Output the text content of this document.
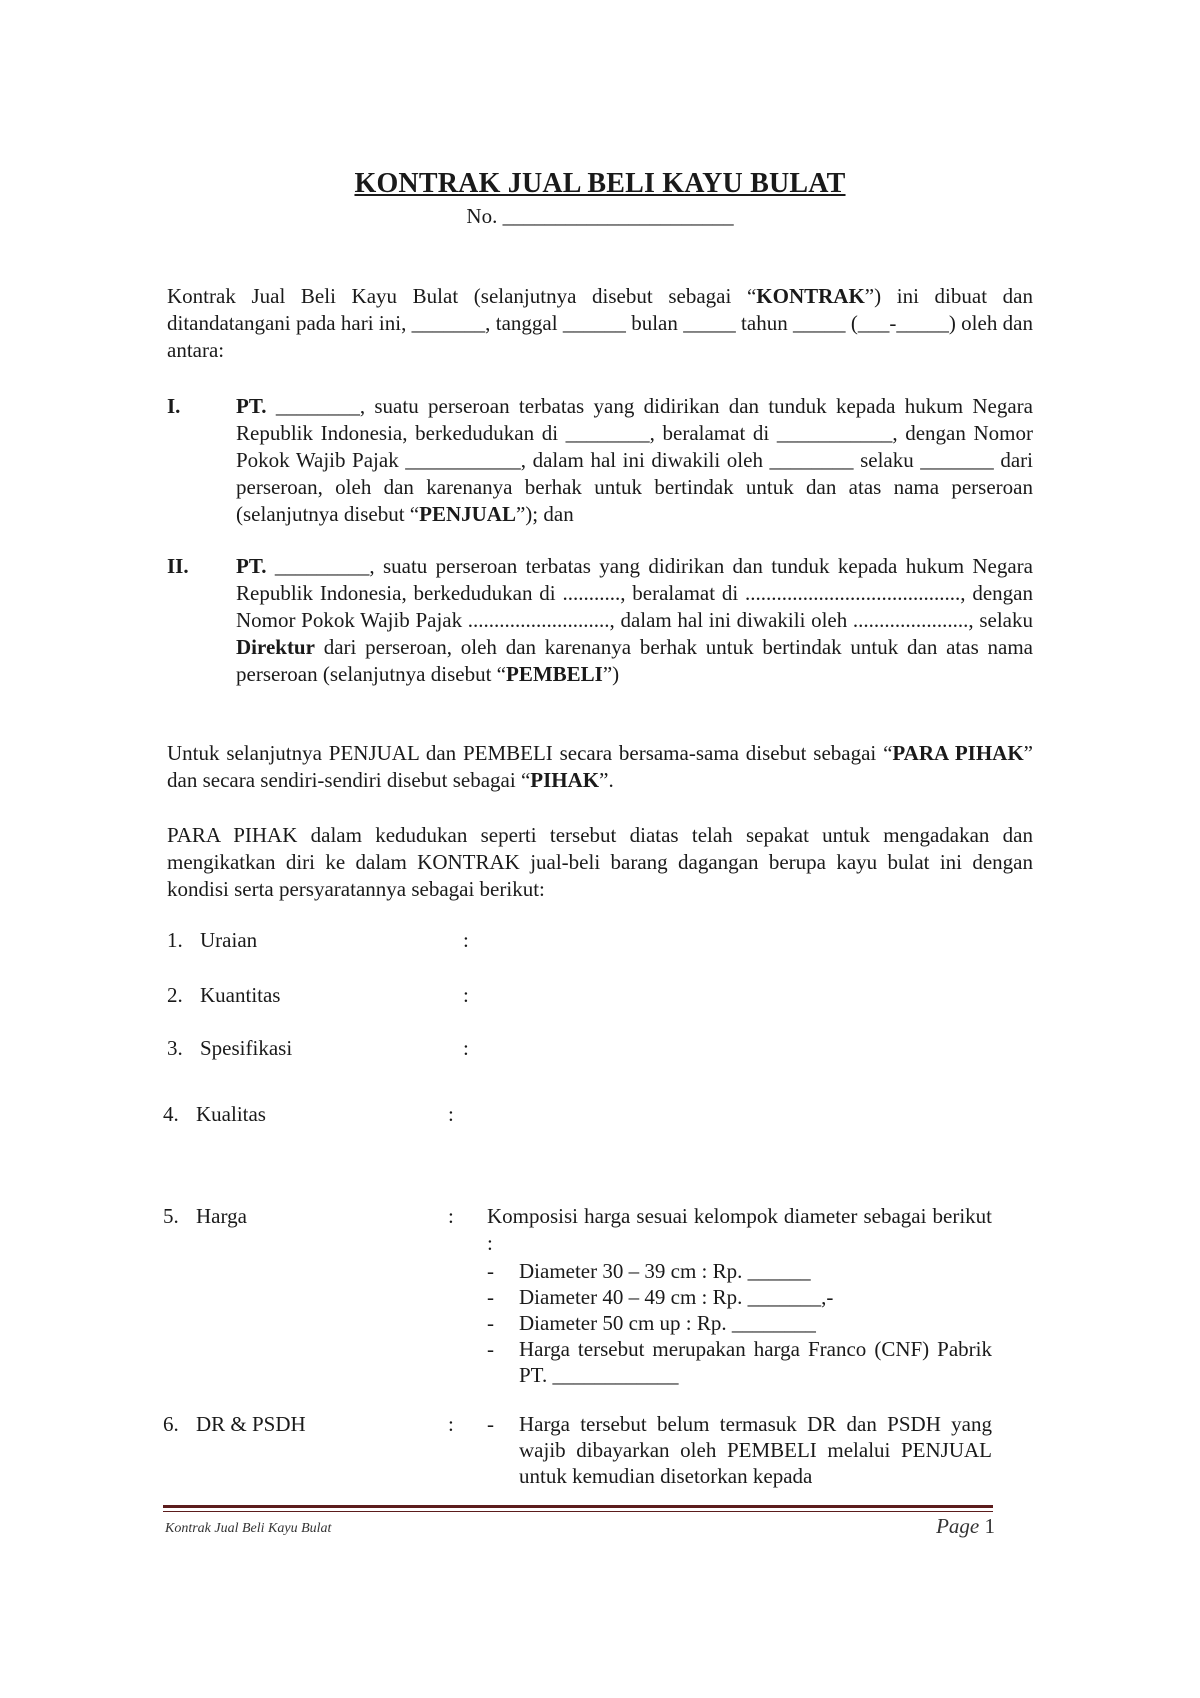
KONTRAK JUAL BELI KAYU BULAT
No. ______________________
Kontrak Jual Beli Kayu Bulat (selanjutnya disebut sebagai “KONTRAK”) ini dibuat dan ditandatangani pada hari ini, _______, tanggal ______ bulan _____ tahun _____ (___-_____) oleh dan antara:
I.	PT. ________, suatu perseroan terbatas yang didirikan dan tunduk kepada hukum Negara Republik Indonesia, berkedudukan di ________, beralamat di ___________, dengan Nomor Pokok Wajib Pajak ___________, dalam hal ini diwakili oleh ________ selaku _______ dari perseroan, oleh dan karenanya berhak untuk bertindak untuk dan atas nama perseroan (selanjutnya disebut “PENJUAL”); dan
II. PT. _________, suatu perseroan terbatas yang didirikan dan tunduk kepada hukum Negara Republik Indonesia, berkedudukan di ..........., beralamat di ........................................., dengan Nomor Pokok Wajib Pajak ..........................., dalam hal ini diwakili oleh ......................, selaku Direktur dari perseroan, oleh dan karenanya berhak untuk bertindak untuk dan atas nama perseroan (selanjutnya disebut “PEMBELI”)
Untuk selanjutnya PENJUAL dan PEMBELI secara bersama-sama disebut sebagai “PARA PIHAK” dan secara sendiri-sendiri disebut sebagai “PIHAK”.
PARA PIHAK dalam kedudukan seperti tersebut diatas telah sepakat untuk mengadakan dan mengikatkan diri ke dalam KONTRAK jual-beli barang dagangan berupa kayu bulat ini dengan kondisi serta persyaratannya sebagai berikut:
1. Uraian	:
2. Kuantitas	:
3. Spesifikasi	:
4. Kualitas	:
5. Harga	: Komposisi harga sesuai kelompok diameter sebagai berikut :
- Diameter 30 – 39 cm : Rp. ______
- Diameter 40 – 49 cm : Rp. _______,-
- Diameter 50 cm up : Rp. ________
- Harga tersebut merupakan harga Franco (CNF) Pabrik PT. ____________
6. DR & PSDH	: - Harga tersebut belum termasuk DR dan PSDH yang wajib dibayarkan oleh PEMBELI melalui PENJUAL untuk kemudian disetorkan kepada
Kontrak Jual Beli Kayu Bulat	Page 1
